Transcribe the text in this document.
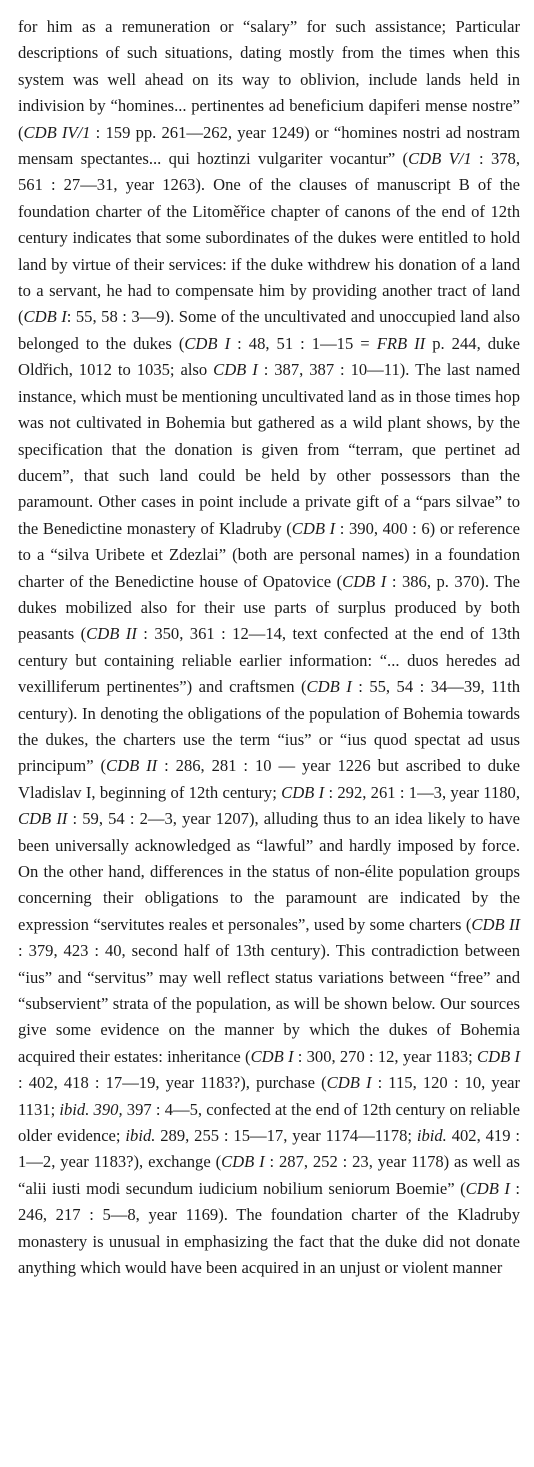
for him as a remuneration or “salary” for such assistance; Particular descriptions of such situations, dating mostly from the times when this system was well ahead on its way to oblivion, include lands held in indivision by “homines... pertinentes ad beneficium dapiferi mense nostre” (CDB IV/1 : 159 pp. 261—262, year 1249) or “homines nostri ad nostram mensam spectantes... qui hoztinzi vulgariter vocantur” (CDB V/1 : 378, 561 : 27—31, year 1263). One of the clauses of manuscript B of the foundation charter of the Litoměřice chapter of canons of the end of 12th century indicates that some subordinates of the dukes were entitled to hold land by virtue of their services: if the duke withdrew his donation of a land to a servant, he had to compensate him by providing another tract of land (CDB I: 55, 58 : 3—9). Some of the uncultivated and unoccupied land also belonged to the dukes (CDB I : 48, 51 : 1—15 = FRB II p. 244, duke Oldřich, 1012 to 1035; also CDB I : 387, 387 : 10—11). The last named instance, which must be mentioning uncultivated land as in those times hop was not cultivated in Bohemia but gathered as a wild plant shows, by the specification that the donation is given from “terram, que pertinet ad ducem”, that such land could be held by other possessors than the paramount. Other cases in point include a private gift of a “pars silvae” to the Benedictine monastery of Kladruby (CDB I : 390, 400 : 6) or reference to a “silva Uribete et Zdezlai” (both are personal names) in a foundation charter of the Benedictine house of Opatovice (CDB I : 386, p. 370). The dukes mobilized also for their use parts of surplus produced by both peasants (CDB II : 350, 361 : 12—14, text confected at the end of 13th century but containing reliable earlier information: “... duos heredes ad vexilliferum pertinentes”) and craftsmen (CDB I : 55, 54 : 34—39, 11th century). In denoting the obligations of the population of Bohemia towards the dukes, the charters use the term “ius” or “ius quod spectat ad usus principum” (CDB II : 286, 281 : 10 — year 1226 but ascribed to duke Vladislav I, beginning of 12th century; CDB I : 292, 261 : 1—3, year 1180, CDB II : 59, 54 : 2—3, year 1207), alluding thus to an idea likely to have been universally acknowledged as “lawful” and hardly imposed by force. On the other hand, differences in the status of non-élite population groups concerning their obligations to the paramount are indicated by the expression “servitutes reales et personales”, used by some charters (CDB II : 379, 423 : 40, second half of 13th century). This contradiction between “ius” and “servitus” may well reflect status variations between “free” and “subservient” strata of the population, as will be shown below. Our sources give some evidence on the manner by which the dukes of Bohemia acquired their estates: inheritance (CDB I : 300, 270 : 12, year 1183; CDB I : 402, 418 : 17—19, year 1183?), purchase (CDB I : 115, 120 : 10, year 1131; ibid. 390, 397 : 4—5, confected at the end of 12th century on reliable older evidence; ibid. 289, 255 : 15—17, year 1174—1178; ibid. 402, 419 : 1—2, year 1183?), exchange (CDB I : 287, 252 : 23, year 1178) as well as “alii iusti modi secundum iudicium nobilium seniorum Boemie” (CDB I : 246, 217 : 5—8, year 1169). The foundation charter of the Kladruby monastery is unusual in emphasizing the fact that the duke did not donate anything which would have been acquired in an unjust or violent manner
